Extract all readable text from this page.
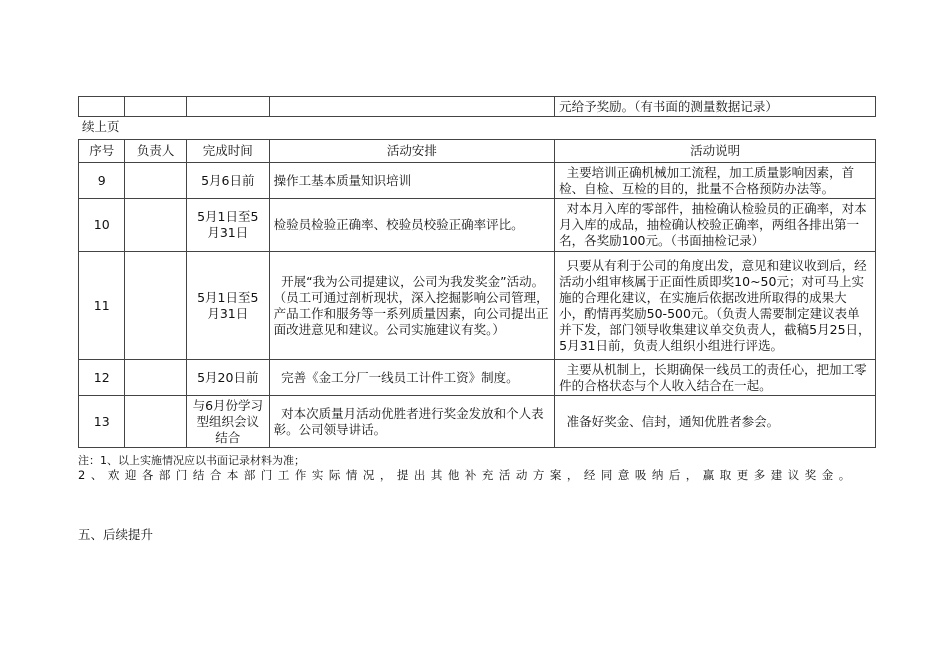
				元给予奖励。（有书面的测量数据记录）
续上页
序号	负责人	完成时间	活动安排	活动说明
9		5月6日前	操作工基本质量知识培训	主要培训正确机械加工流程，加工质量影响因素，首检、自检、互检的目的，批量不合格预防办法等。
10		5月1日至5月31日	检验员检验正确率、校验员校验正确率评比。	对本月入库的零部件，抽检确认检验员的正确率，对本月入库的成品，抽检确认校验正确率，两组各排出第一名，各奖励100元。（书面抽检记录）
11		5月1日至5月31日	开展“我为公司提建议，公司为我发奖金”活动。（员工可通过剖析现状，深入挖掘影响公司管理，产品工作和服务等一系列质量因素，向公司提出正面改进意见和建议。公司实施建议有奖。）	只要从有利于公司的角度出发，意见和建议收到后，经活动小组审核属于正面性质即奖10~50元；对可马上实施的合理化建议，在实施后依据改进所取得的成果大小，酌情再奖励50-500元。（负责人需要制定建议表单并下发，部门领导收集建议单交负责人，截稿5月25日，5月31日前，负责人组织小组进行评选。
12		5月20日前	完善《金工分厂一线员工计件工资》制度。	主要从机制上，长期确保一线员工的责任心，把加工零件的合格状态与个人收入结合在一起。
13		与6月份学习型组织会议结合	对本次质量月活动优胜者进行奖金发放和个人表彰。公司领导讲话。	准备好奖金、信封，通知优胜者参会。
注：1、以上实施情况应以书面记录材料为准；
2、欢迎各部门结合本部门工作实际情况，提出其他补充活动方案，经同意吸纳后，赢取更多建议奖金。
五、后续提升
